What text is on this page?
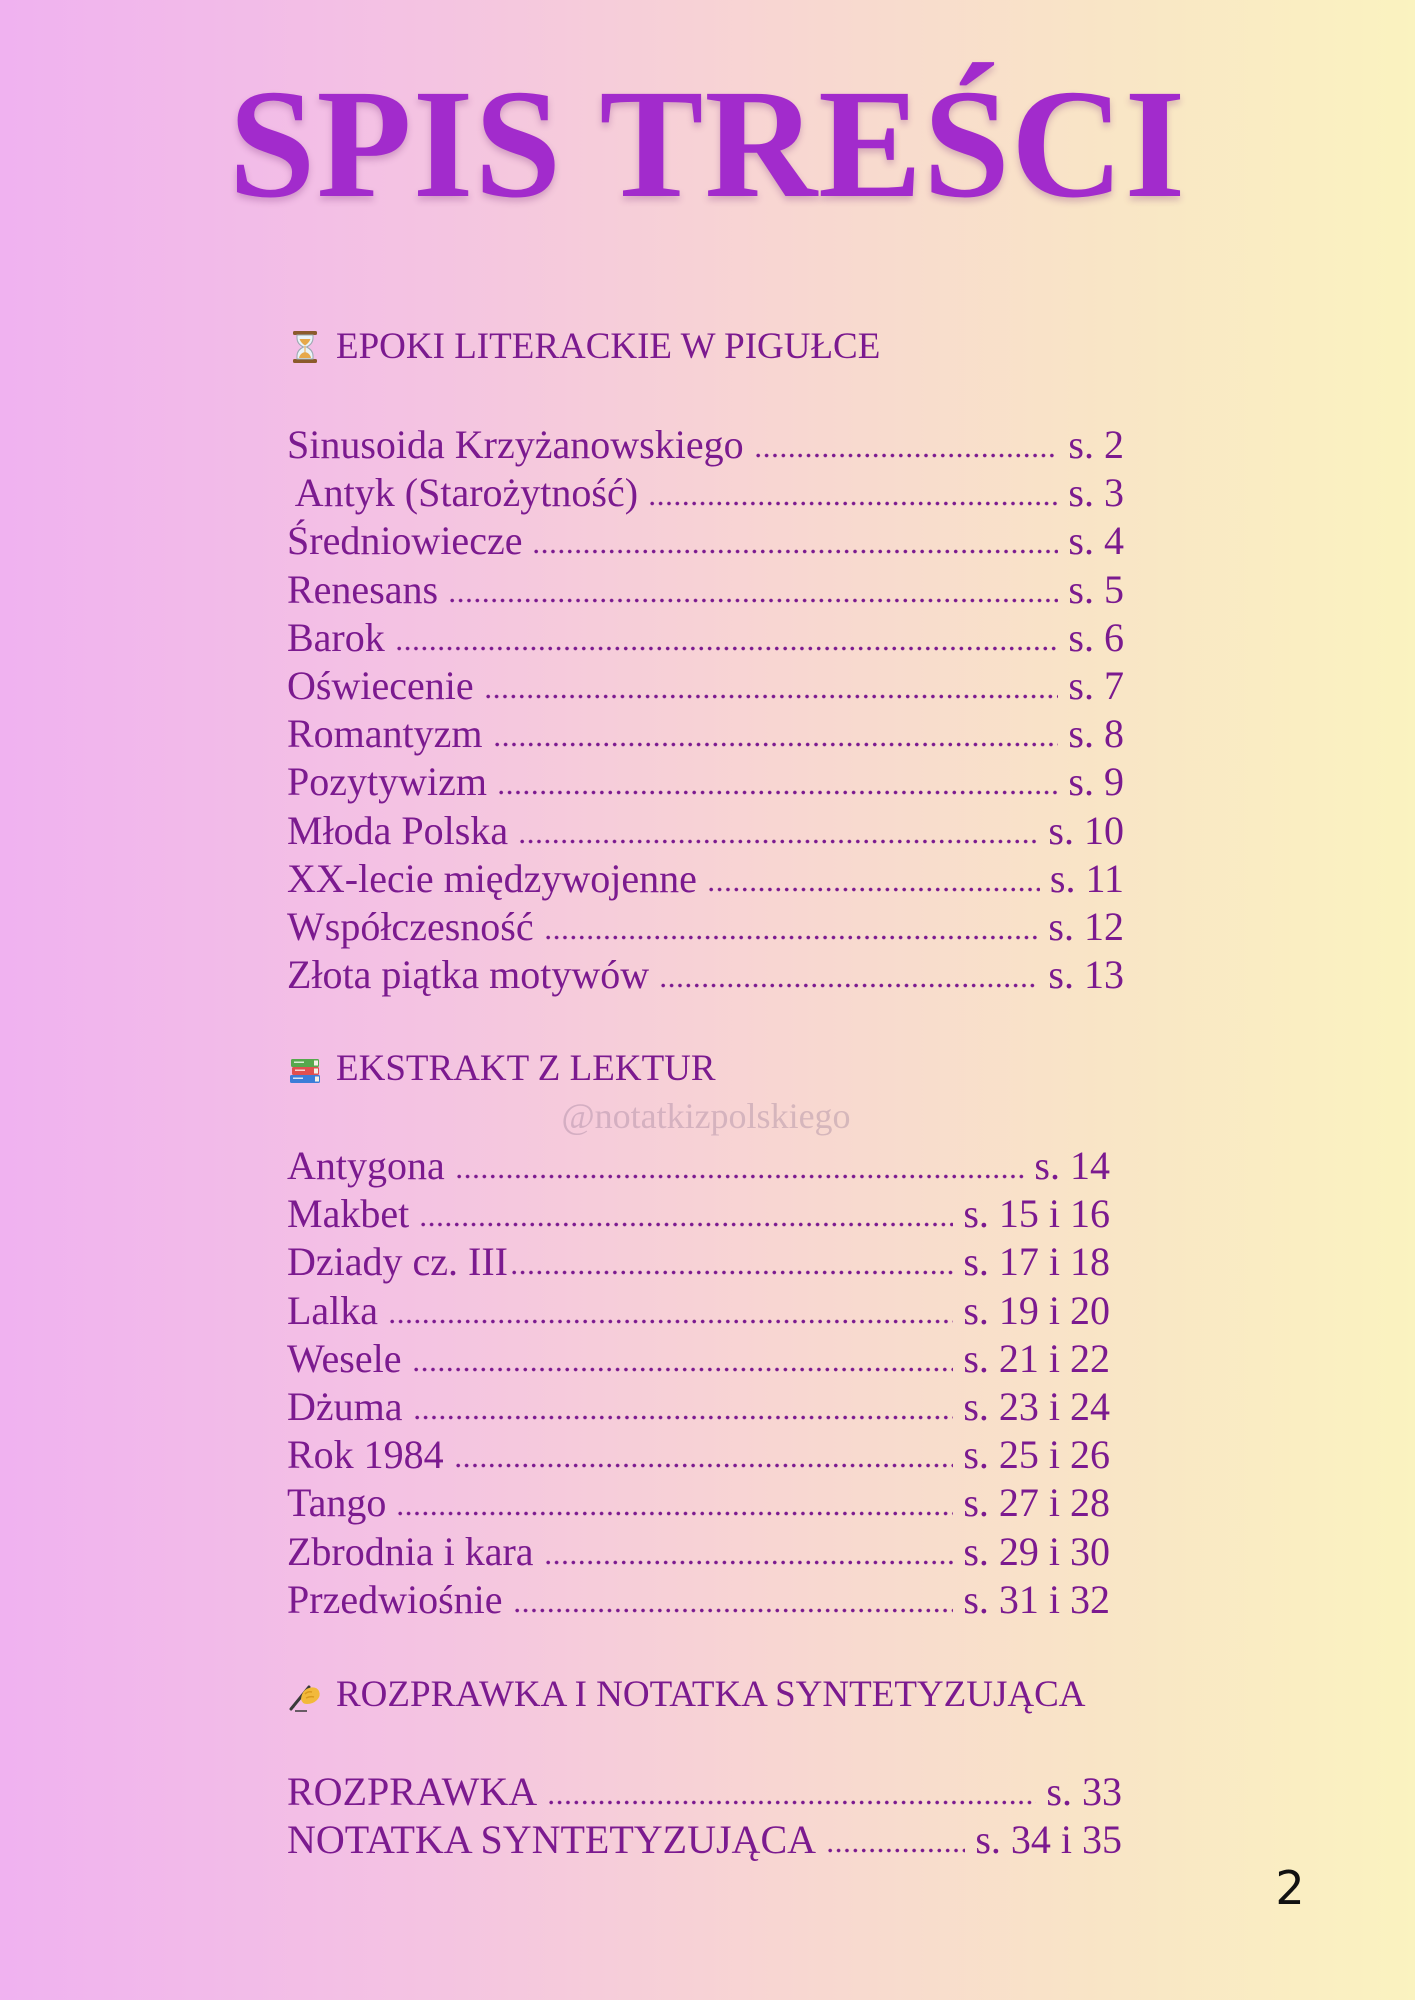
SPIS TREŚCI
EPOKI LITERACKIE W PIGUŁCE
Sinusoida Krzyżanowskiego	s. 2
Antyk (Starożytność)	s. 3
Średniowiecze	s. 4
Renesans	s. 5
Barok	s. 6
Oświecenie	s. 7
Romantyzm	s. 8
Pozytywizm	s. 9
Młoda Polska	s. 10
XX-lecie międzywojenne	s. 11
Współczesność	s. 12
Złota piątka motywów	s. 13
EKSTRAKT Z LEKTUR
@notatkizpolskiego
Antygona	s. 14
Makbet	s. 15 i 16
Dziady cz. III	s. 17 i 18
Lalka	s. 19 i 20
Wesele	s. 21 i 22
Dżuma	s. 23 i 24
Rok 1984	s. 25 i 26
Tango	s. 27 i 28
Zbrodnia i kara	s. 29 i 30
Przedwiośnie	s. 31 i 32
ROZPRAWKA I NOTATKA SYNTETYZUJĄCA
ROZPRAWKA	s. 33
NOTATKA SYNTETYZUJĄCA	s. 34 i 35
2
